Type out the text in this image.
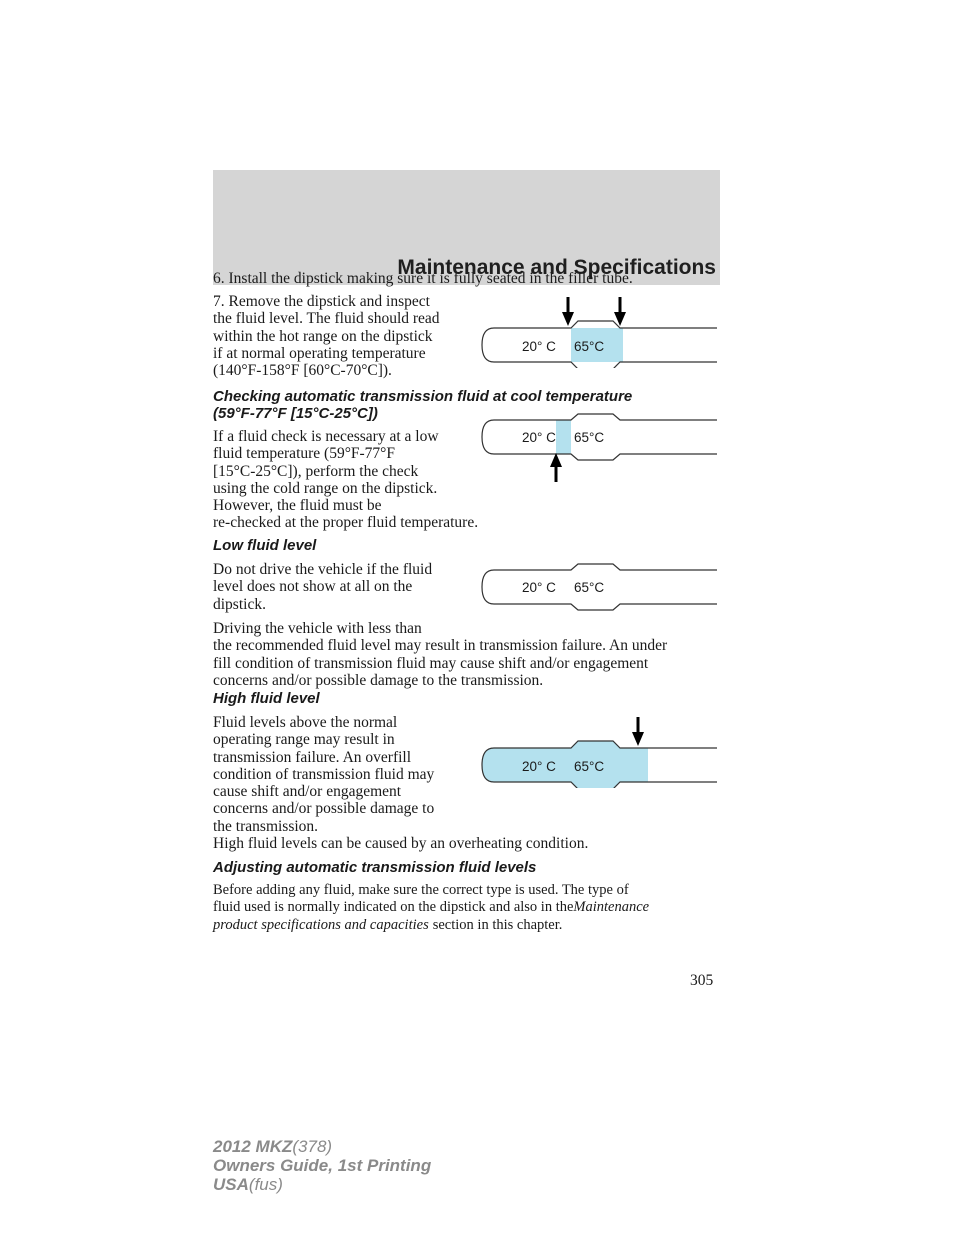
Maintenance and Specifications

6. Install the dipstick making sure it is fully seated in the filler tube.

7. Remove the dipstick and inspect
the fluid level. The fluid should read
within the hot range on the dipstick
if at normal operating temperature
(140°F-158°F [60°C-70°C]).

20° C 65°C
Checking automatic transmission fluid at cool temperature
(59°F-77°F [15°C-25°C])

If a fluid check is necessary at a low
fluid temperature (59°F-77°F
[15°C-25°C]), perform the check
using the cold range on the dipstick.
However, the fluid must be
re-checked at the proper fluid temperature.

20° C 65°C
Low fluid level

Do not drive the vehicle if the fluid
level does not show at all on the
dipstick.

20° C 65°C

Driving the vehicle with less than
the recommended fluid level may result in transmission failure. An under
fill condition of transmission fluid may cause shift and/or engagement
concerns and/or possible damage to the transmission.

High fluid level

Fluid levels above the normal
operating range may result in
transmission failure. An overfill
condition of transmission fluid may
cause shift and/or engagement
concerns and/or possible damage to
the transmission.

20° C 65°C

High fluid levels can be caused by an overheating condition.

Adjusting automatic transmission fluid levels

Before adding any fluid, make sure the correct type is used. The type of
fluid used is normally indicated on the dipstick and also in theMaintenance
product specifications and capacities section in this chapter.

305

2012 MKZ(378)
Owners Guide, 1st Printing
USA(fus)
